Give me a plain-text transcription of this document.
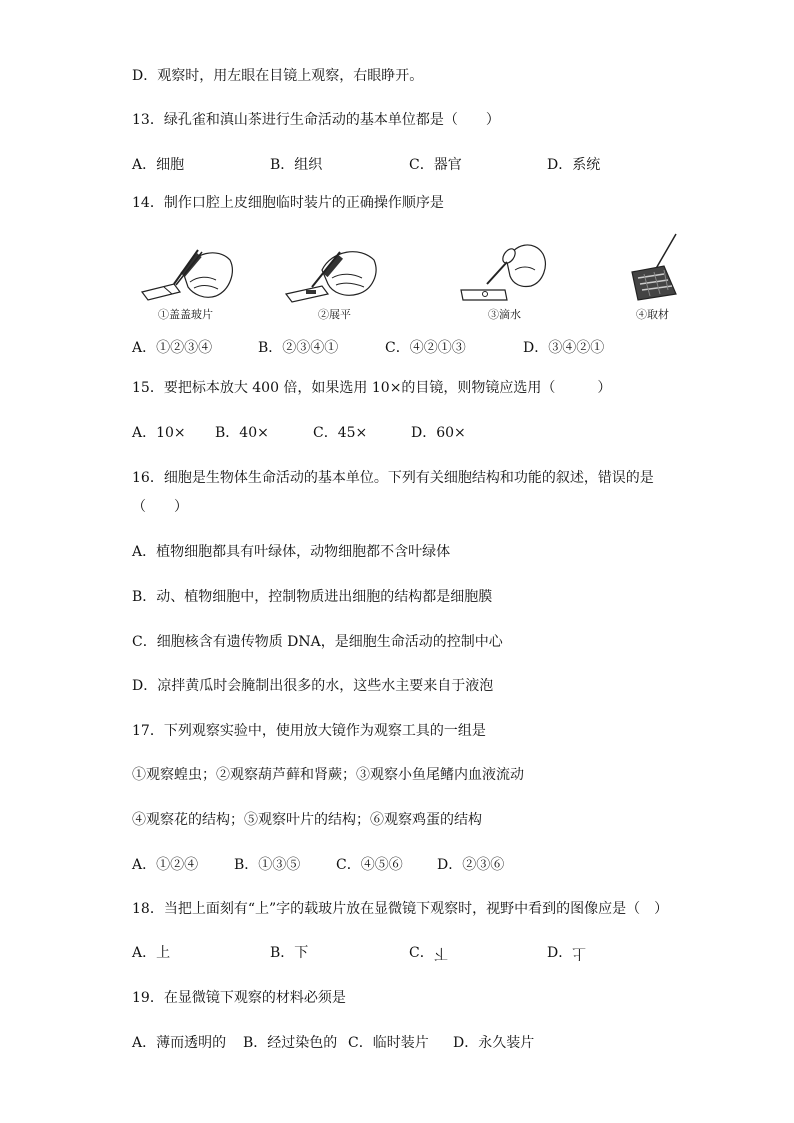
D．观察时，用左眼在目镜上观察，右眼睁开。
13．绿孔雀和滇山茶进行生命活动的基本单位都是（　　）
A．细胞	B．组织	C．器官	D．系统
14．制作口腔上皮细胞临时装片的正确操作顺序是
①盖盖玻片	②展平	③滴水	④取材
A．①②③④	B．②③④①	C．④②①③	D．③④②①
15．要把标本放大 400 倍，如果选用 10×的目镜，则物镜应选用（　　　）
A．10× B．40×	C．45×	D．60×
16．细胞是生物体生命活动的基本单位。下列有关细胞结构和功能的叙述，错误的是
（　　）
A．植物细胞都具有叶绿体，动物细胞都不含叶绿体
B．动、植物细胞中，控制物质进出细胞的结构都是细胞膜
C．细胞核含有遗传物质 DNA，是细胞生命活动的控制中心
D．凉拌黄瓜时会腌制出很多的水，这些水主要来自于液泡
17．下列观察实验中，使用放大镜作为观察工具的一组是
①观察蝗虫；②观察葫芦藓和肾蕨；③观察小鱼尾鳍内血液流动
④观察花的结构；⑤观察叶片的结构；⑥观察鸡蛋的结构
A．①②④	B．①③⑤	C．④⑤⑥ D．②③⑥
18．当把上面刻有“上”字的载玻片放在显微镜下观察时，视野中看到的图像应是（　）
A．上	B．下	C．下	D．上
19．在显微镜下观察的材料必须是
A．薄而透明的 B．经过染色的 C．临时装片 D．永久装片
